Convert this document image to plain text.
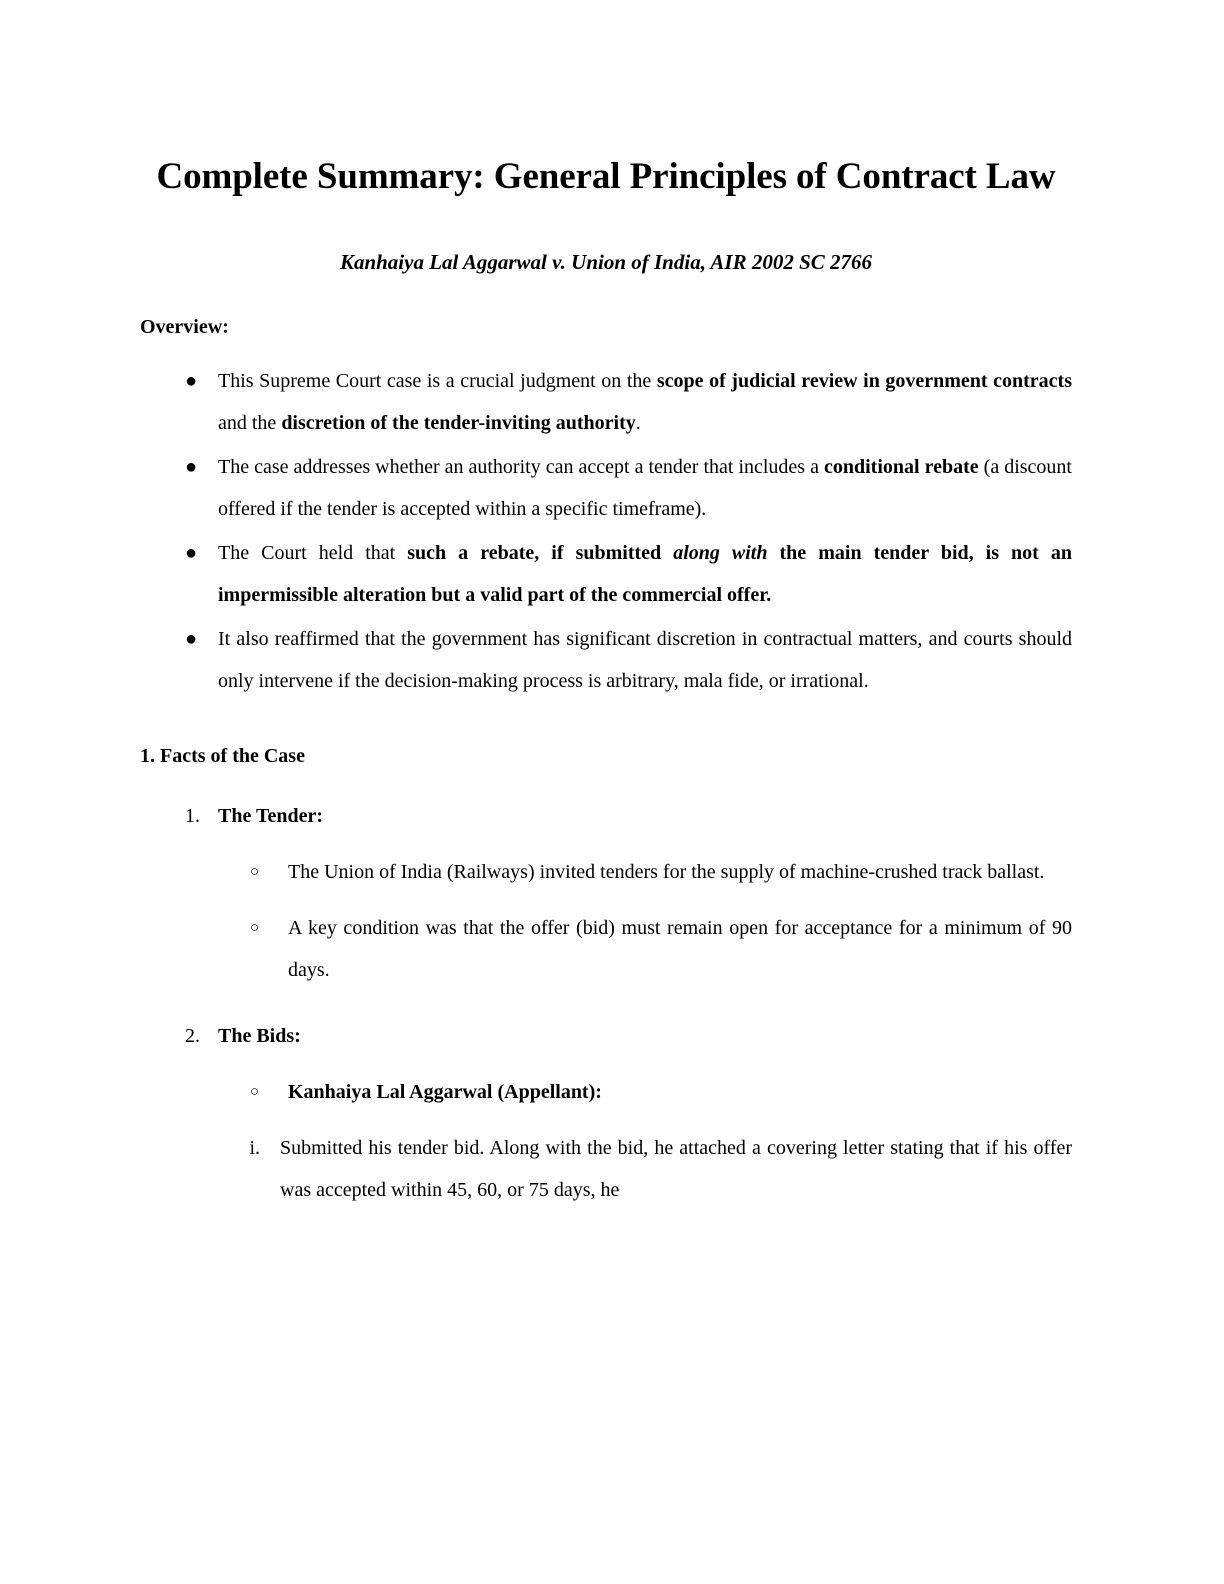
Complete Summary: General Principles of Contract Law

Kanhaiya Lal Aggarwal v. Union of India, AIR 2002 SC 2766

Overview:

● This Supreme Court case is a crucial judgment on the scope of judicial review in government contracts and the discretion of the tender-inviting authority.
● The case addresses whether an authority can accept a tender that includes a conditional rebate (a discount offered if the tender is accepted within a specific timeframe).
● The Court held that such a rebate, if submitted along with the main tender bid, is not an impermissible alteration but a valid part of the commercial offer.
● It also reaffirmed that the government has significant discretion in contractual matters, and courts should only intervene if the decision-making process is arbitrary, mala fide, or irrational.

1. Facts of the Case

1. The Tender:
○ The Union of India (Railways) invited tenders for the supply of machine-crushed track ballast.
○ A key condition was that the offer (bid) must remain open for acceptance for a minimum of 90 days.
2. The Bids:
○ Kanhaiya Lal Aggarwal (Appellant):
i. Submitted his tender bid. Along with the bid, he attached a covering letter stating that if his offer was accepted within 45, 60, or 75 days, he
